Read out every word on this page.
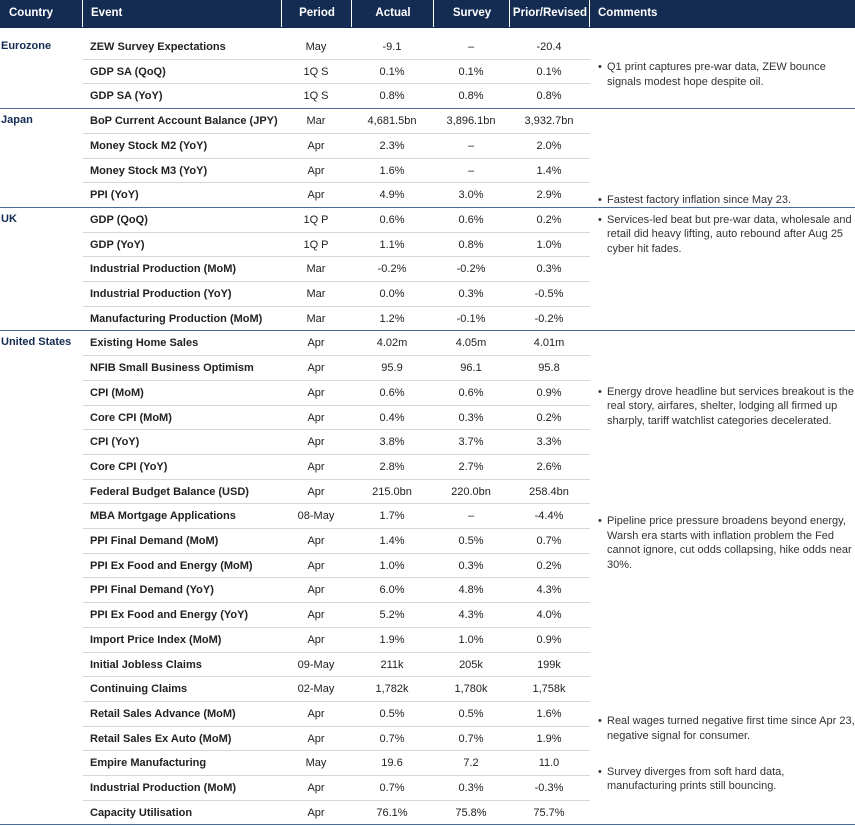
Country	Event	Period	Actual	Survey	Prior/Revised Comments
Eurozone	ZEW Survey Expectations	May	-9.1	–	-20.4
GDP SA (QoQ)	1Q S	0.1%	0.1%	0.1%
GDP SA (YoY)	1Q S	0.8%	0.8%	0.8%
• Q1 print captures pre-war data, ZEW bounce signals modest hope despite oil.
Japan	BoP Current Account Balance (JPY)	Mar	4,681.5bn	3,896.1bn	3,932.7bn
Money Stock M2 (YoY)	Apr	2.3%	–	2.0%
Money Stock M3 (YoY)	Apr	1.6%	–	1.4%
PPI (YoY)	Apr	4.9%	3.0%	2.9%	• Fastest factory inflation since May 23.
UK	GDP (QoQ)	1Q P	0.6%	0.6%	0.2%
GDP (YoY)	1Q P	1.1%	0.8%	1.0%
Industrial Production (MoM)	Mar	-0.2%	-0.2%	0.3%
Industrial Production (YoY)	Mar	0.0%	0.3%	-0.5%
Manufacturing Production (MoM)	Mar	1.2%	-0.1%	-0.2%
• Services-led beat but pre-war data, wholesale and retail did heavy lifting, auto rebound after Aug 25 cyber hit fades.
United States Existing Home Sales	Apr	4.02m	4.05m	4.01m
NFIB Small Business Optimism	Apr	95.9	96.1	95.8
CPI (MoM)	Apr	0.6%	0.6%	0.9%
Core CPI (MoM)	Apr	0.4%	0.3%	0.2%
CPI (YoY)	Apr	3.8%	3.7%	3.3%
Core CPI (YoY)	Apr	2.8%	2.7%	2.6%
Federal Budget Balance (USD)	Apr	215.0bn	220.0bn	258.4bn
MBA Mortgage Applications	08-May	1.7%	–	-4.4%
PPI Final Demand (MoM)	Apr	1.4%	0.5%	0.7%
PPI Ex Food and Energy (MoM)	Apr	1.0%	0.3%	0.2%
PPI Final Demand (YoY)	Apr	6.0%	4.8%	4.3%
PPI Ex Food and Energy (YoY)	Apr	5.2%	4.3%	4.0%
Import Price Index (MoM)	Apr	1.9%	1.0%	0.9%
Initial Jobless Claims	09-May	211k	205k	199k
Continuing Claims	02-May	1,782k	1,780k	1,758k
Retail Sales Advance (MoM)	Apr	0.5%	0.5%	1.6%
Retail Sales Ex Auto (MoM)	Apr	0.7%	0.7%	1.9%
Empire Manufacturing	May	19.6	7.2	11.0
Industrial Production (MoM)	Apr	0.7%	0.3%	-0.3%
Capacity Utilisation	Apr	76.1%	75.8%	75.7%
• Energy drove headline but services breakout is the real story, airfares, shelter, lodging all firmed up sharply, tariff watchlist categories decelerated.
• Pipeline price pressure broadens beyond energy, Warsh era starts with inflation problem the Fed cannot ignore, cut odds collapsing, hike odds near 30%.
• Real wages turned negative first time since Apr 23, negative signal for consumer.
• Survey diverges from soft hard data, manufacturing prints still bouncing.
